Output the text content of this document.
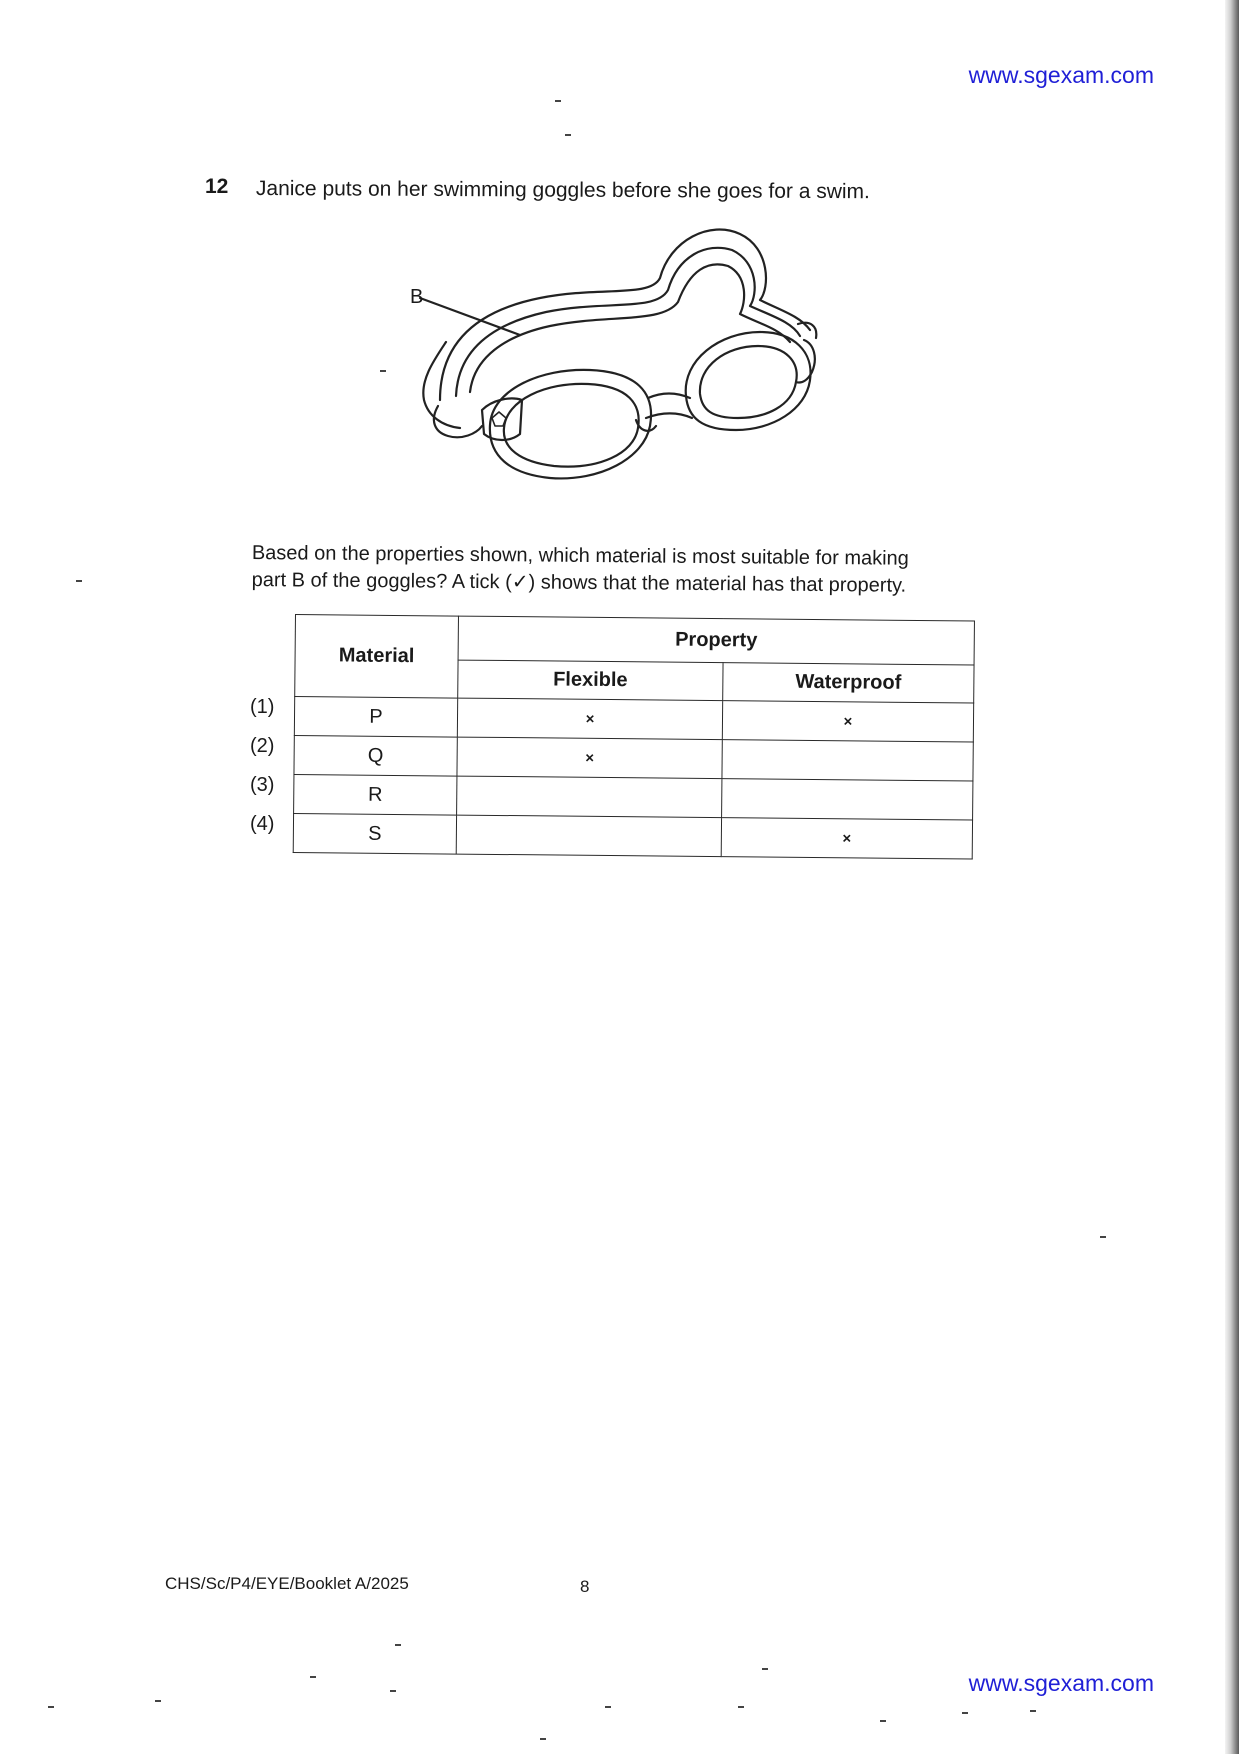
www.sgexam.com
12 Janice puts on her swimming goggles before she goes for a swim.
B

Based on the properties shown, which material is most suitable for making

part B of the goggles? A tick (✓) shows that the material has that property.

Material	Property	
	Flexible	Waterproof
P	×	×
Q	×	
R		
S		×
(1)
(2)
(3)
(4)
CHS/Sc/P4/EYE/Booklet A/2025	8
www.sgexam.com
